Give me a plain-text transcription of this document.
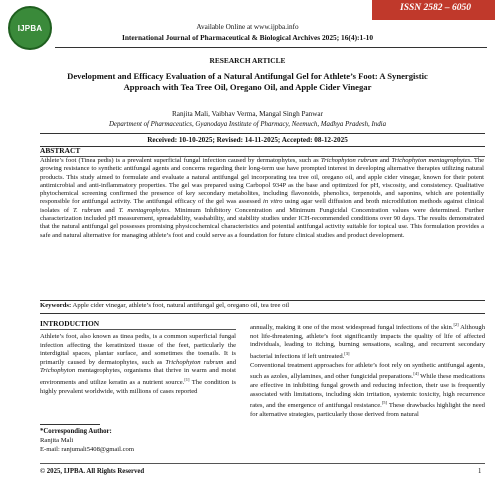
IJPBA
ISSN 2582 – 6050
Available Online at www.ijpba.info
International Journal of Pharmaceutical & Biological Archives 2025; 16(4):1-10
RESEARCH ARTICLE
Development and Efficacy Evaluation of a Natural Antifungal Gel for Athlete’s Foot: A Synergistic Approach with Tea Tree Oil, Oregano Oil, and Apple Cider Vinegar
Ranjita Mali, Vaibhav Verma, Mangal Singh Panwar
Department of Pharmaceutics, Gyanodaya Institute of Pharmacy, Neemuch, Madhya Pradesh, India
Received: 10-10-2025; Revised: 14-11-2025; Accepted: 08-12-2025
ABSTRACT
Athlete’s foot (Tinea pedis) is a prevalent superficial fungal infection caused by dermatophytes, such as Trichophyton rubrum and Trichophyton mentagrophytes. The growing resistance to synthetic antifungal agents and concerns regarding their long-term use have prompted interest in developing alternative therapies utilizing natural products. This study aimed to formulate and evaluate a natural antifungal gel incorporating tea tree oil, oregano oil, and apple cider vinegar, known for their potent antimicrobial and anti-inflammatory properties. The gel was prepared using Carbopol 934P as the base and optimized for pH, viscosity, and consistency. Qualitative phytochemical screening confirmed the presence of key secondary metabolites, including flavonoids, phenolics, terpenoids, and saponins, which are potentially responsible for antifungal activity. The antifungal efficacy of the gel was assessed in vitro using agar well diffusion and broth microdilution methods against clinical isolates of T. rubrum and T. mentagrophytes. Minimum Inhibitory Concentration and Minimum Fungicidal Concentration values were determined. Further characterization included pH measurement, spreadability, washability, and stability studies under ICH-recommended conditions over 90 days. The results demonstrated that the natural antifungal gel possesses promising physicochemical characteristics and potential antifungal activity suitable for topical use. This formulation provides a safe and natural alternative for managing athlete’s foot and could serve as a foundation for future clinical studies and product development.
Keywords: Apple cider vinegar, athlete’s foot, natural antifungal gel, oregano oil, tea tree oil
INTRODUCTION
Athlete’s foot, also known as tinea pedis, is a common superficial fungal infection affecting the keratinized tissue of the feet, particularly the interdigital spaces, plantar surface, and sometimes the toenails. It is primarily caused by dermatophytes, such as Trichophyton rubrum and Trichophyton mentagrophytes, organisms that thrive in warm and moist environments and utilize keratin as a nutrient source.[1] The condition is highly prevalent worldwide, with millions of cases reported

annually, making it one of the most widespread fungal infections of the skin.[2] Although not life-threatening, athlete’s foot significantly impacts the quality of life of affected individuals, leading to itching, burning sensations, scaling, and recurrent secondary bacterial infections if left untreated.[3]

Conventional treatment approaches for athlete’s foot rely on synthetic antifungal agents, such as azoles, allylamines, and other fungicidal preparations.[4] While these medications are effective in inhibiting fungal growth and reducing infection, their use is frequently associated with limitations, including skin irritation, systemic toxicity, high recurrence rates, and the emergence of antifungal resistance.[5] These drawbacks highlight the need for alternative strategies, particularly those derived from natural

*Corresponding Author:
Ranjita Mali
E-mail: ranjumali5408@gmail.com
© 2025, IJPBA. All Rights Reserved	1
